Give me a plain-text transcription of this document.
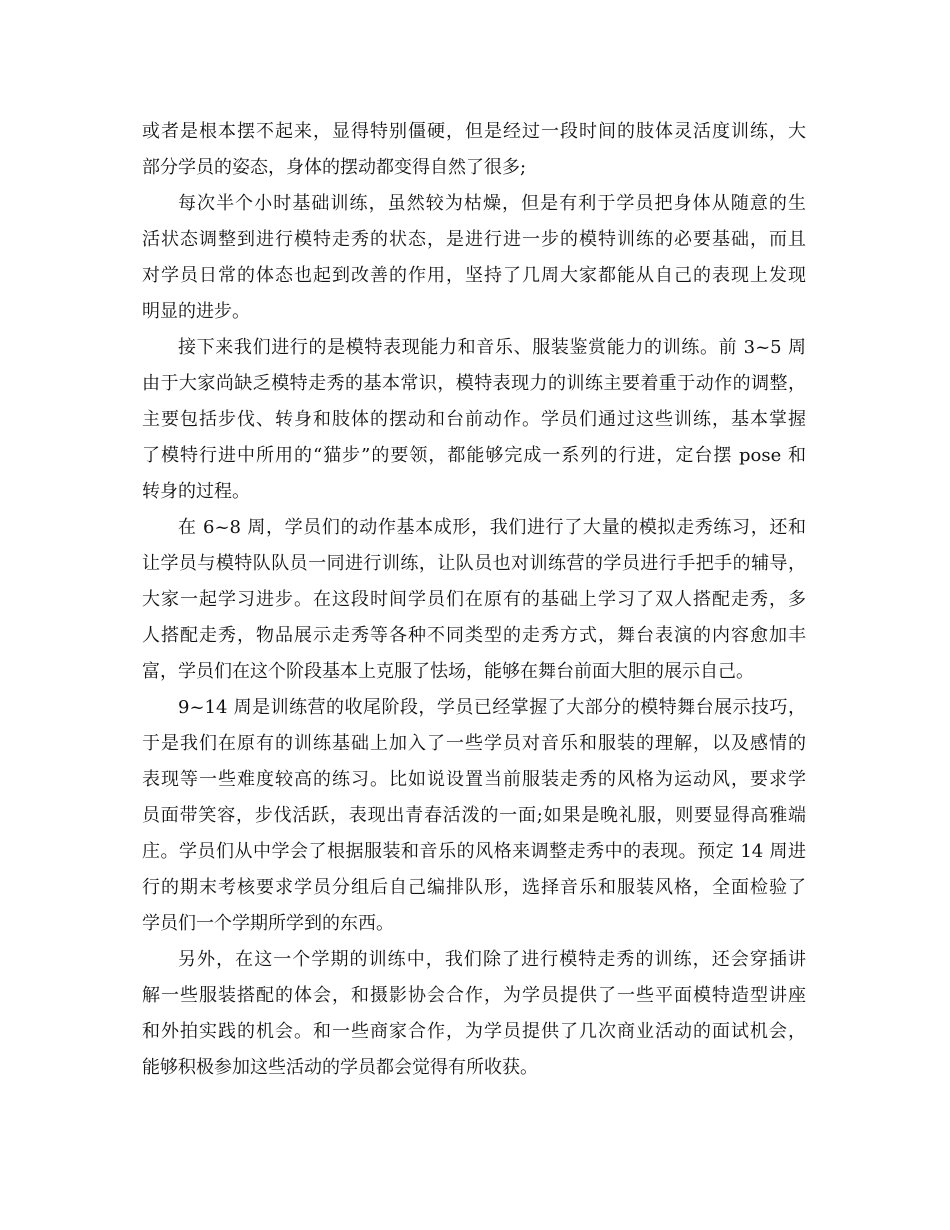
或者是根本摆不起来，显得特别僵硬，但是经过一段时间的肢体灵活度训练，大
部分学员的姿态，身体的摆动都变得自然了很多;
每次半个小时基础训练，虽然较为枯燥，但是有利于学员把身体从随意的生
活状态调整到进行模特走秀的状态，是进行进一步的模特训练的必要基础，而且
对学员日常的体态也起到改善的作用，坚持了几周大家都能从自己的表现上发现
明显的进步。
接下来我们进行的是模特表现能力和音乐、服装鉴赏能力的训练。前 3~5 周
由于大家尚缺乏模特走秀的基本常识，模特表现力的训练主要着重于动作的调整，
主要包括步伐、转身和肢体的摆动和台前动作。学员们通过这些训练，基本掌握
了模特行进中所用的“猫步”的要领，都能够完成一系列的行进，定台摆 pose 和
转身的过程。
在 6~8 周，学员们的动作基本成形，我们进行了大量的模拟走秀练习，还和
让学员与模特队队员一同进行训练，让队员也对训练营的学员进行手把手的辅导，
大家一起学习进步。在这段时间学员们在原有的基础上学习了双人搭配走秀，多
人搭配走秀，物品展示走秀等各种不同类型的走秀方式，舞台表演的内容愈加丰
富，学员们在这个阶段基本上克服了怯场，能够在舞台前面大胆的展示自己。
9~14 周是训练营的收尾阶段，学员已经掌握了大部分的模特舞台展示技巧，
于是我们在原有的训练基础上加入了一些学员对音乐和服装的理解，以及感情的
表现等一些难度较高的练习。比如说设置当前服装走秀的风格为运动风，要求学
员面带笑容，步伐活跃，表现出青春活泼的一面;如果是晚礼服，则要显得高雅端
庄。学员们从中学会了根据服装和音乐的风格来调整走秀中的表现。预定 14 周进
行的期末考核要求学员分组后自己编排队形，选择音乐和服装风格，全面检验了
学员们一个学期所学到的东西。
另外，在这一个学期的训练中，我们除了进行模特走秀的训练，还会穿插讲
解一些服装搭配的体会，和摄影协会合作，为学员提供了一些平面模特造型讲座
和外拍实践的机会。和一些商家合作，为学员提供了几次商业活动的面试机会，
能够积极参加这些活动的学员都会觉得有所收获。
